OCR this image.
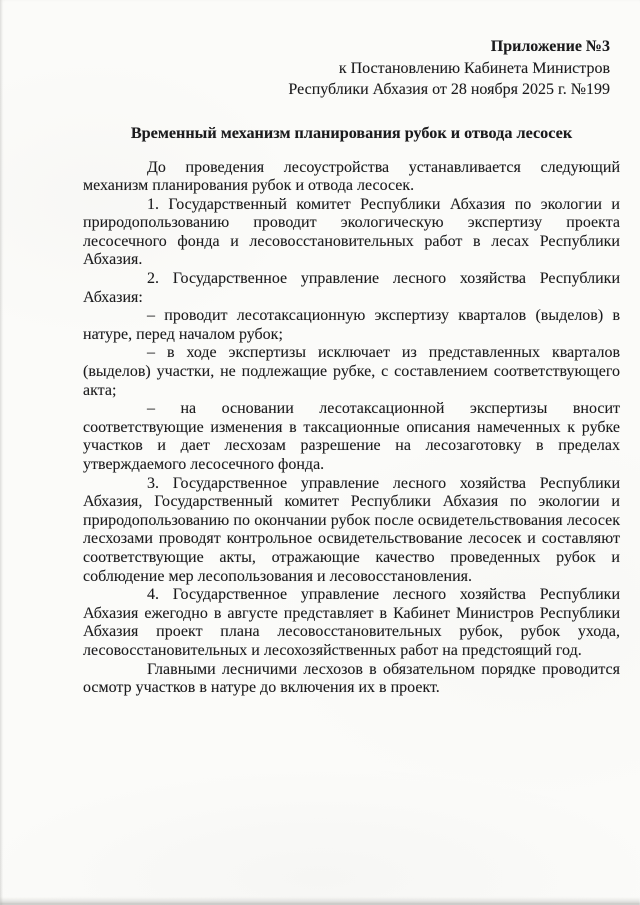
Приложение №3
к Постановлению Кабинета Министров
Республики Абхазия от 28 ноября 2025 г. №199
Временный механизм планирования рубок и отвода лесосек

До проведения лесоустройства устанавливается следующий механизм планирования рубок и отвода лесосек.

1. Государственный комитет Республики Абхазия по экологии и природопользованию проводит экологическую экспертизу проекта лесосечного фонда и лесовосстановительных работ в лесах Республики Абхазия.

2. Государственное управление лесного хозяйства Республики Абхазия:

– проводит лесотаксационную экспертизу кварталов (выделов) в натуре, перед началом рубок;

– в ходе экспертизы исключает из представленных кварталов (выделов) участки, не подлежащие рубке, с составлением соответствующего акта;

– на основании лесотаксационной экспертизы вносит соответствующие изменения в таксационные описания намеченных к рубке участков и дает лесхозам разрешение на лесозаготовку в пределах утверждаемого лесосечного фонда.

3. Государственное управление лесного хозяйства Республики Абхазия, Государственный комитет Республики Абхазия по экологии и природопользованию по окончании рубок после освидетельствования лесосек лесхозами проводят контрольное освидетельствование лесосек и составляют соответствующие акты, отражающие качество проведенных рубок и соблюдение мер лесопользования и лесовосстановления.

4. Государственное управление лесного хозяйства Республики Абхазия ежегодно в августе представляет в Кабинет Министров Республики Абхазия проект плана лесовосстановительных рубок, рубок ухода, лесовосстановительных и лесохозяйственных работ на предстоящий год.

Главными лесничими лесхозов в обязательном порядке проводится осмотр участков в натуре до включения их в проект.
